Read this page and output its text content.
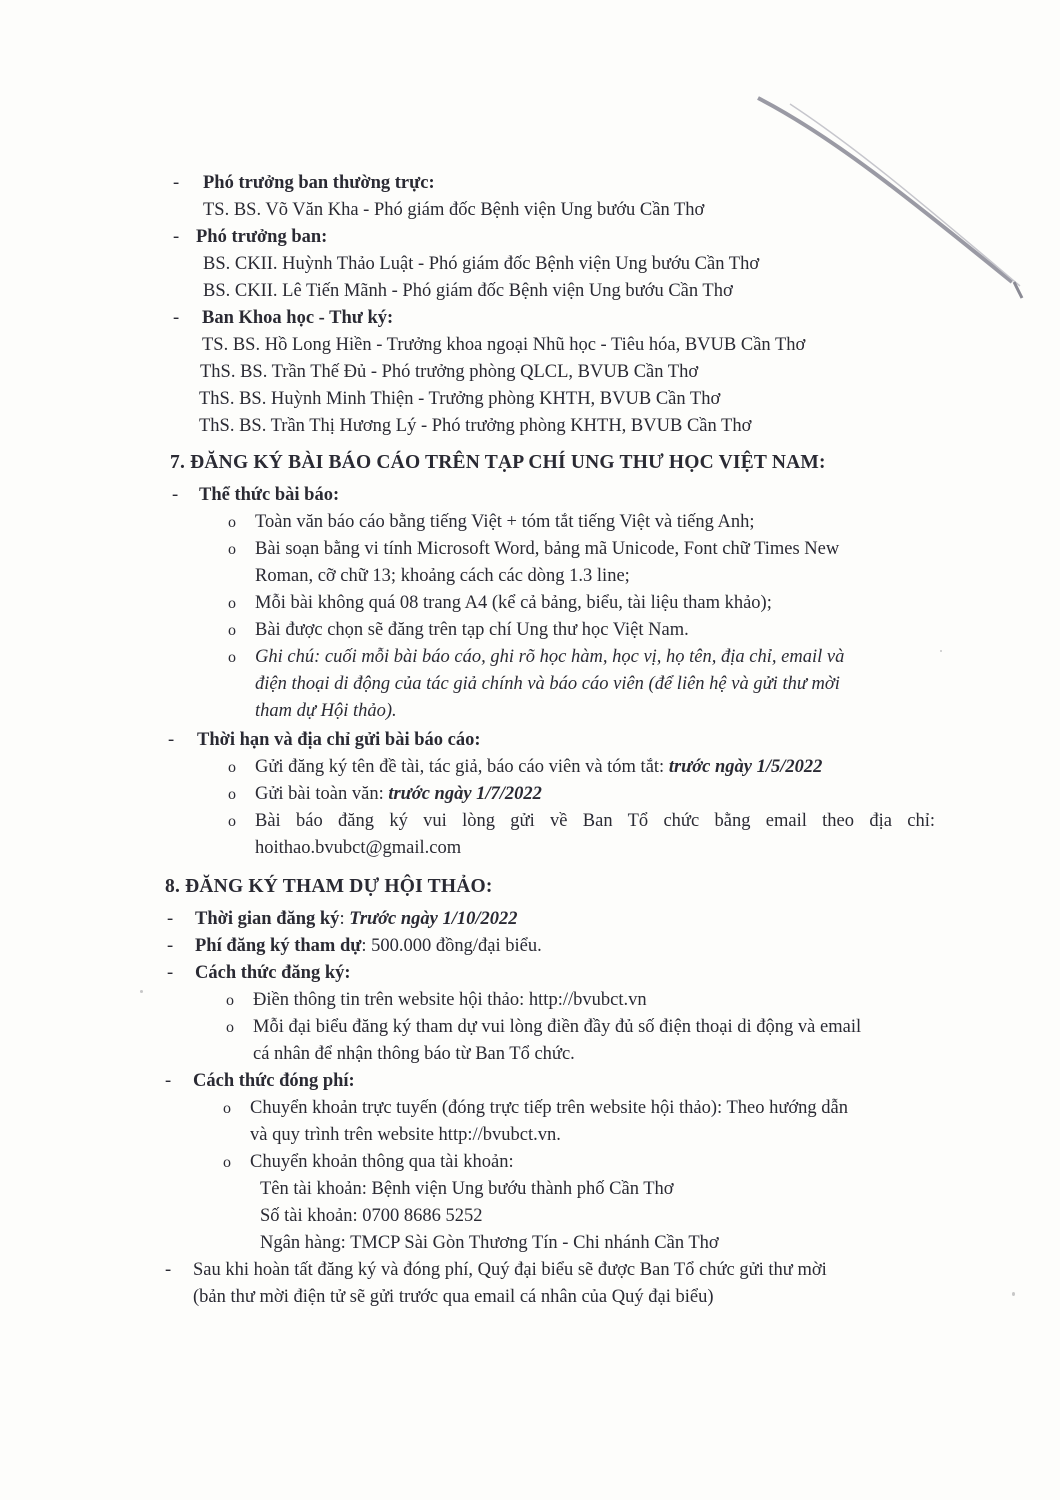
-	Phó trưởng ban thường trực:
TS. BS. Võ Văn Kha - Phó giám đốc Bệnh viện Ung bướu Cần Thơ
- Phó trưởng ban:
BS. CKII. Huỳnh Thảo Luật - Phó giám đốc Bệnh viện Ung bướu Cần Thơ
BS. CKII. Lê Tiến Mãnh - Phó giám đốc Bệnh viện Ung bướu Cần Thơ
-	Ban Khoa học - Thư ký:
TS. BS. Hồ Long Hiền - Trưởng khoa ngoại Nhũ học - Tiêu hóa, BVUB Cần Thơ
ThS. BS. Trần Thế Đủ - Phó trưởng phòng QLCL, BVUB Cần Thơ
ThS. BS. Huỳnh Minh Thiện - Trưởng phòng KHTH, BVUB Cần Thơ
ThS. BS. Trần Thị Hương Lý - Phó trưởng phòng KHTH, BVUB Cần Thơ
7. ĐĂNG KÝ BÀI BÁO CÁO TRÊN TẠP CHÍ UNG THƯ HỌC VIỆT NAM:
-	Thể thức bài báo:
o Toàn văn báo cáo bằng tiếng Việt + tóm tắt tiếng Việt và tiếng Anh;
o Bài soạn bằng vi tính Microsoft Word, bảng mã Unicode, Font chữ Times New
Roman, cỡ chữ 13; khoảng cách các dòng 1.3 line;
o Mỗi bài không quá 08 trang A4 (kể cả bảng, biểu, tài liệu tham khảo);
o Bài được chọn sẽ đăng trên tạp chí Ung thư học Việt Nam.
o Ghi chú: cuối mỗi bài báo cáo, ghi rõ học hàm, học vị, họ tên, địa chỉ, email và
điện thoại di động của tác giả chính và báo cáo viên (để liên hệ và gửi thư mời
tham dự Hội thảo).
-	Thời hạn và địa chỉ gửi bài báo cáo:
o Gửi đăng ký tên đề tài, tác giả, báo cáo viên và tóm tắt: trước ngày 1/5/2022
o Gửi bài toàn văn: trước ngày 1/7/2022
o Bài báo đăng ký vui lòng gửi về Ban Tổ chức bằng email theo địa chỉ:
hoithao.bvubct@gmail.com
8. ĐĂNG KÝ THAM DỰ HỘI THẢO:
-	Thời gian đăng ký: Trước ngày 1/10/2022
-	Phí đăng ký tham dự: 500.000 đồng/đại biểu.
-	Cách thức đăng ký:
o Điền thông tin trên website hội thảo: http://bvubct.vn
o Mỗi đại biểu đăng ký tham dự vui lòng điền đầy đủ số điện thoại di động và email
cá nhân để nhận thông báo từ Ban Tổ chức.
-	Cách thức đóng phí:
o Chuyển khoản trực tuyến (đóng trực tiếp trên website hội thảo): Theo hướng dẫn
và quy trình trên website http://bvubct.vn.
o Chuyển khoản thông qua tài khoản:
Tên tài khoản: Bệnh viện Ung bướu thành phố Cần Thơ
Số tài khoản: 0700 8686 5252
Ngân hàng: TMCP Sài Gòn Thương Tín - Chi nhánh Cần Thơ
-	Sau khi hoàn tất đăng ký và đóng phí, Quý đại biểu sẽ được Ban Tổ chức gửi thư mời
(bản thư mời điện tử sẽ gửi trước qua email cá nhân của Quý đại biểu)
